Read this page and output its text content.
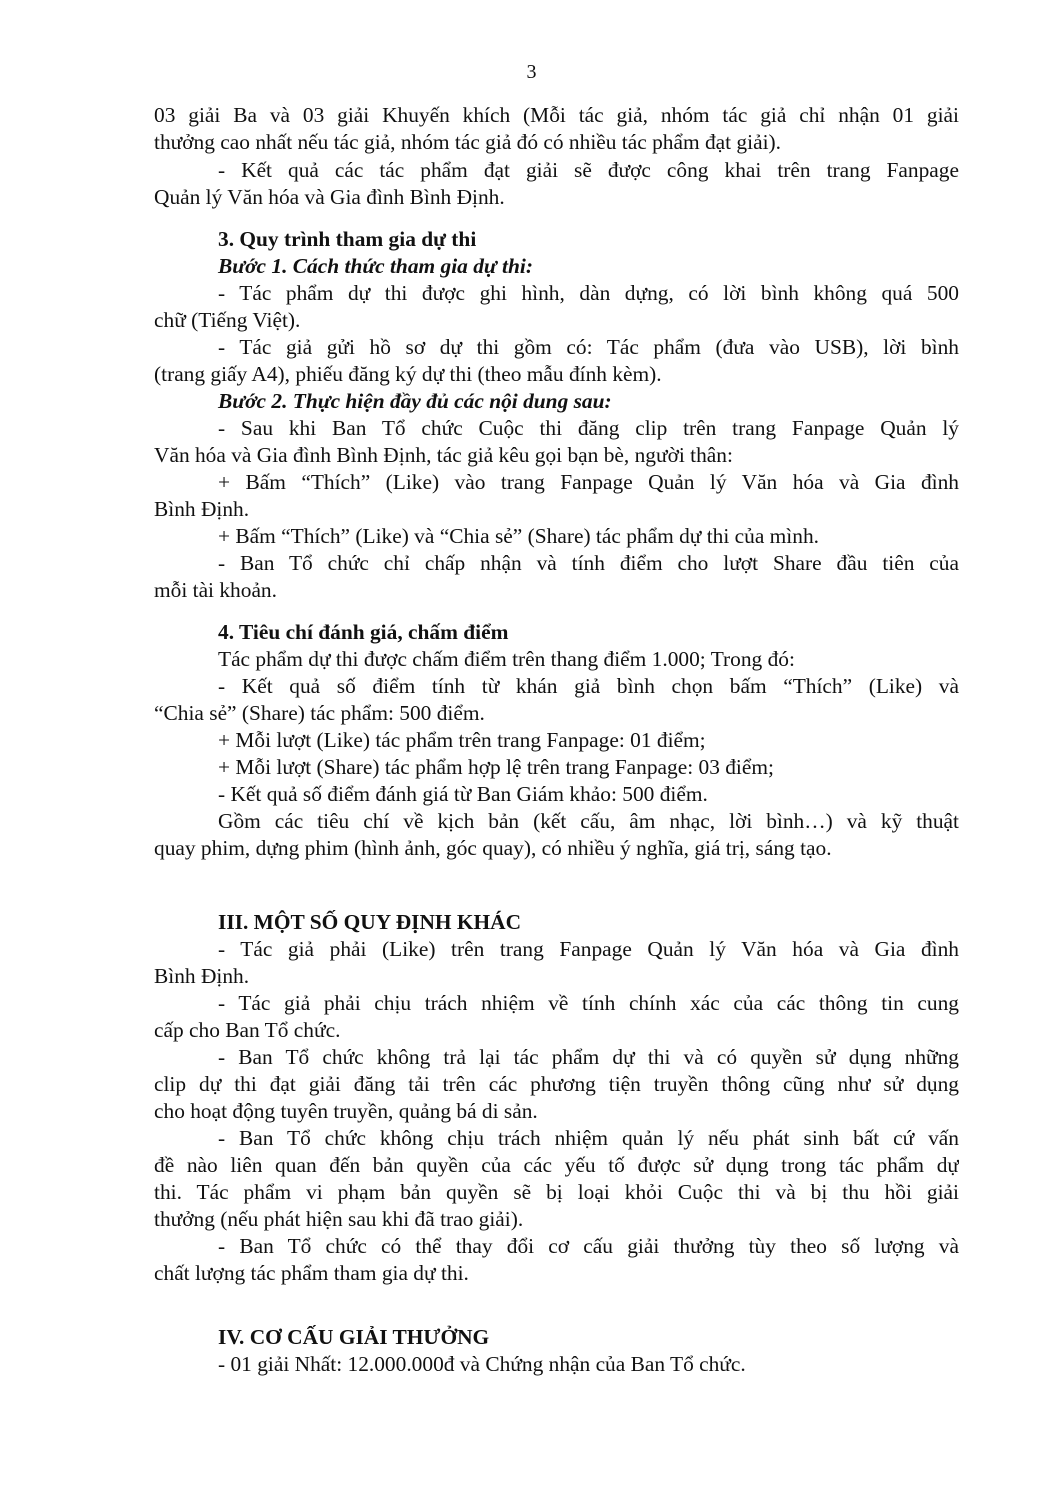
3
03 giải Ba và 03 giải Khuyến khích (Mỗi tác giả, nhóm tác giả chỉ nhận 01 giải
thưởng cao nhất nếu tác giả, nhóm tác giả đó có nhiều tác phẩm đạt giải).
- Kết quả các tác phẩm đạt giải sẽ được công khai trên trang Fanpage
Quản lý Văn hóa và Gia đình Bình Định.
3. Quy trình tham gia dự thi
Bước 1. Cách thức tham gia dự thi:
- Tác phẩm dự thi được ghi hình, dàn dựng, có lời bình không quá 500
chữ (Tiếng Việt).
- Tác giả gửi hồ sơ dự thi gồm có: Tác phẩm (đưa vào USB), lời bình
(trang giấy A4), phiếu đăng ký dự thi (theo mẫu đính kèm).
Bước 2. Thực hiện đầy đủ các nội dung sau:
- Sau khi Ban Tổ chức Cuộc thi đăng clip trên trang Fanpage Quản lý
Văn hóa và Gia đình Bình Định, tác giả kêu gọi bạn bè, người thân:
+ Bấm “Thích” (Like) vào trang Fanpage Quản lý Văn hóa và Gia đình
Bình Định.
+ Bấm “Thích” (Like) và “Chia sẻ” (Share) tác phẩm dự thi của mình.
- Ban Tổ chức chỉ chấp nhận và tính điểm cho lượt Share đầu tiên của
mỗi tài khoản.
4. Tiêu chí đánh giá, chấm điểm
Tác phẩm dự thi được chấm điểm trên thang điểm 1.000; Trong đó:
- Kết quả số điểm tính từ khán giả bình chọn bấm “Thích” (Like) và
“Chia sẻ” (Share) tác phẩm: 500 điểm.
+ Mỗi lượt (Like) tác phẩm trên trang Fanpage: 01 điểm;
+ Mỗi lượt (Share) tác phẩm hợp lệ trên trang Fanpage: 03 điểm;
- Kết quả số điểm đánh giá từ Ban Giám khảo: 500 điểm.
Gồm các tiêu chí về kịch bản (kết cấu, âm nhạc, lời bình…) và kỹ thuật
quay phim, dựng phim (hình ảnh, góc quay), có nhiều ý nghĩa, giá trị, sáng tạo.
III. MỘT SỐ QUY ĐỊNH KHÁC
- Tác giả phải (Like) trên trang Fanpage Quản lý Văn hóa và Gia đình
Bình Định.
- Tác giả phải chịu trách nhiệm về tính chính xác của các thông tin cung
cấp cho Ban Tổ chức.
- Ban Tổ chức không trả lại tác phẩm dự thi và có quyền sử dụng những
clip dự thi đạt giải đăng tải trên các phương tiện truyền thông cũng như sử dụng
cho hoạt động tuyên truyền, quảng bá di sản.
- Ban Tổ chức không chịu trách nhiệm quản lý nếu phát sinh bất cứ vấn
đề nào liên quan đến bản quyền của các yếu tố được sử dụng trong tác phẩm dự
thi. Tác phẩm vi phạm bản quyền sẽ bị loại khỏi Cuộc thi và bị thu hồi giải
thưởng (nếu phát hiện sau khi đã trao giải).
- Ban Tổ chức có thể thay đổi cơ cấu giải thưởng tùy theo số lượng và
chất lượng tác phẩm tham gia dự thi.
IV. CƠ CẤU GIẢI THƯỞNG
- 01 giải Nhất: 12.000.000đ và Chứng nhận của Ban Tổ chức.
